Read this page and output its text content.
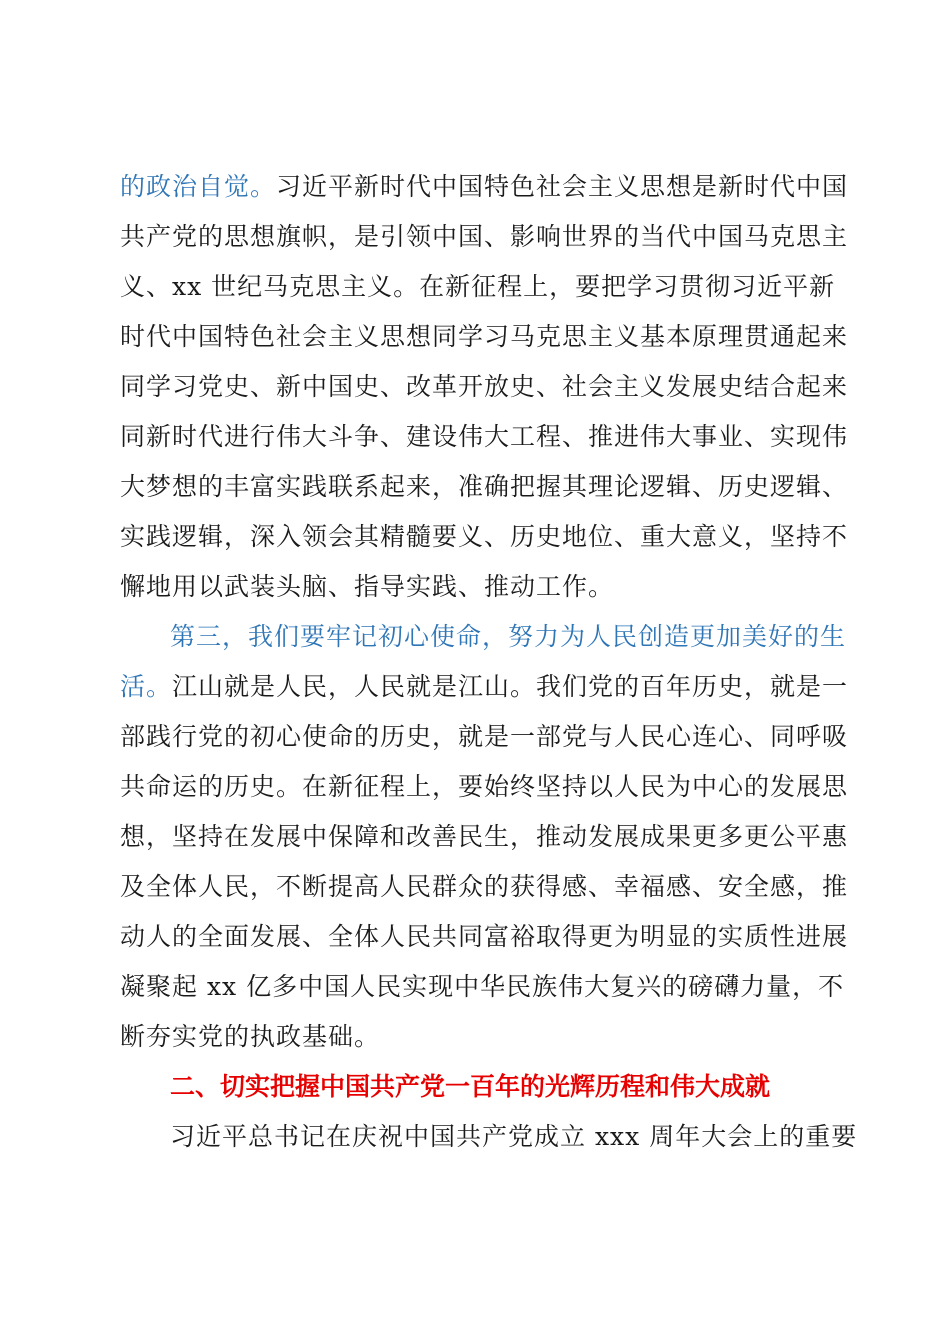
的政治自觉。习近平新时代中国特色社会主义思想是新时代中国
共产党的思想旗帜，是引领中国、影响世界的当代中国马克思主
义、xx 世纪马克思主义。在新征程上，要把学习贯彻习近平新
时代中国特色社会主义思想同学习马克思主义基本原理贯通起来
同学习党史、新中国史、改革开放史、社会主义发展史结合起来
同新时代进行伟大斗争、建设伟大工程、推进伟大事业、实现伟
大梦想的丰富实践联系起来，准确把握其理论逻辑、历史逻辑、
实践逻辑，深入领会其精髓要义、历史地位、重大意义，坚持不
懈地用以武装头脑、指导实践、推动工作。
第三，我们要牢记初心使命，努力为人民创造更加美好的生
活。江山就是人民，人民就是江山。我们党的百年历史，就是一
部践行党的初心使命的历史，就是一部党与人民心连心、同呼吸
共命运的历史。在新征程上，要始终坚持以人民为中心的发展思
想，坚持在发展中保障和改善民生，推动发展成果更多更公平惠
及全体人民，不断提高人民群众的获得感、幸福感、安全感，推
动人的全面发展、全体人民共同富裕取得更为明显的实质性进展
凝聚起 xx 亿多中国人民实现中华民族伟大复兴的磅礴力量，不
断夯实党的执政基础。
二、切实把握中国共产党一百年的光辉历程和伟大成就
习近平总书记在庆祝中国共产党成立 xxx 周年大会上的重要
